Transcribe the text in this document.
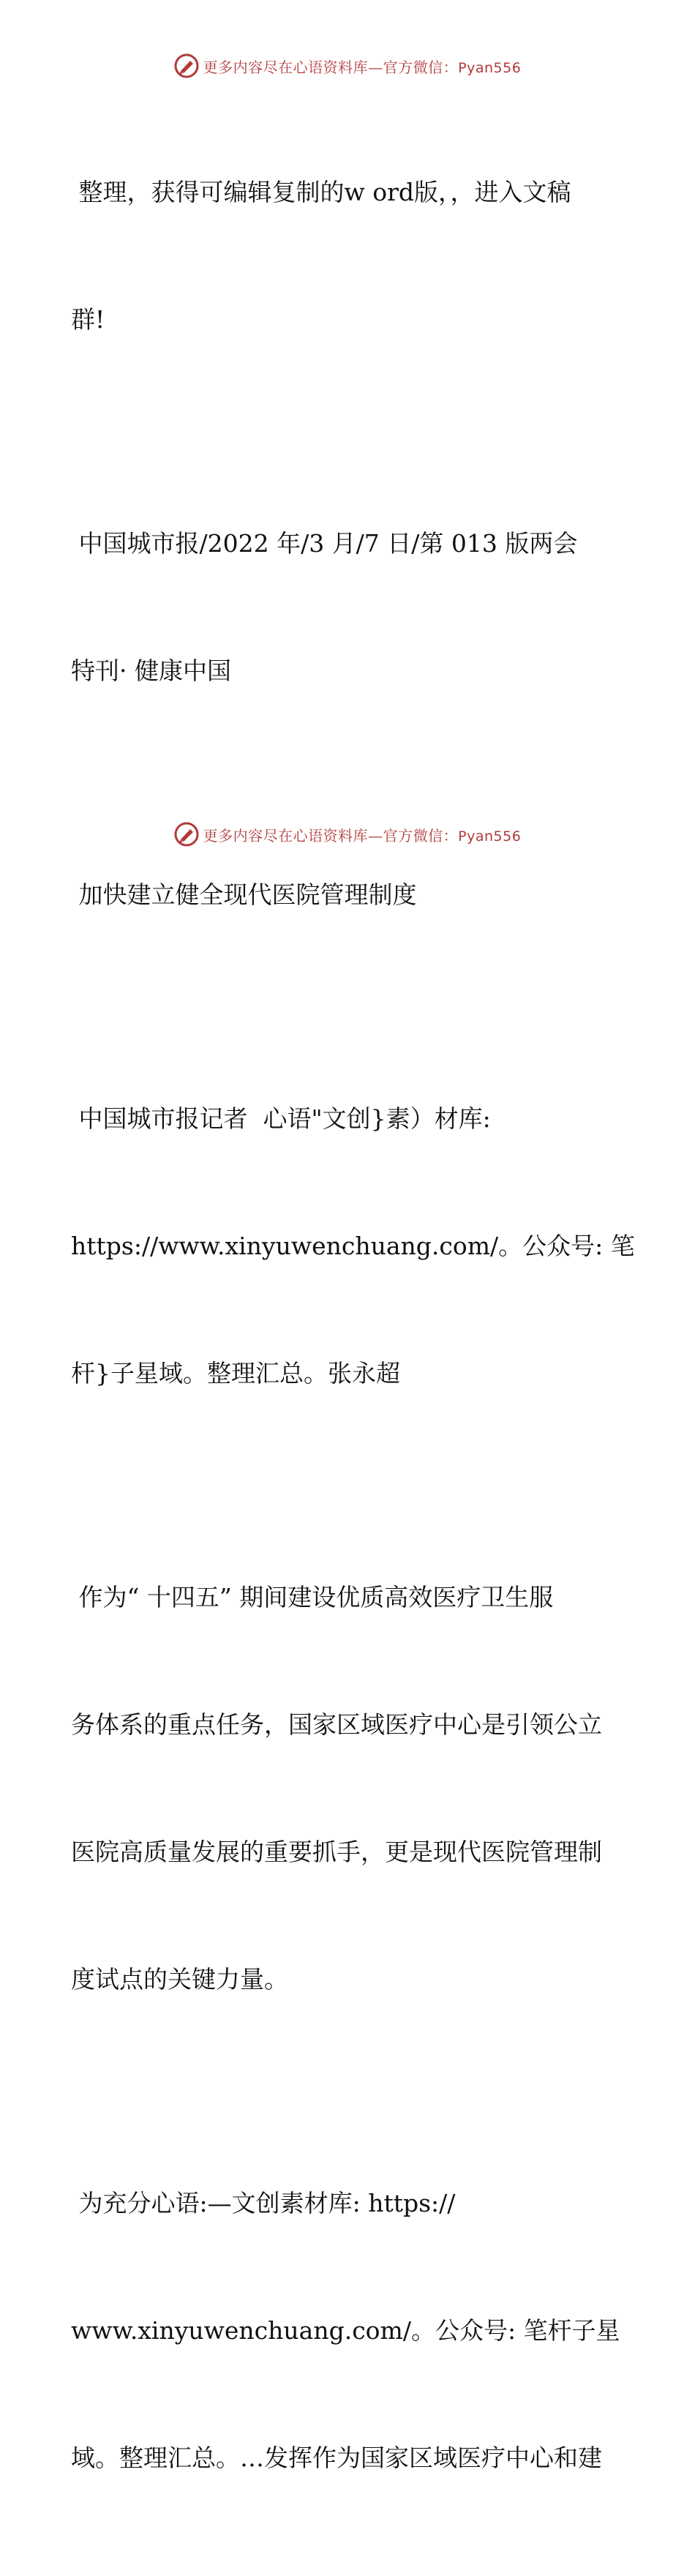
更多内容尽在心语资料库—官方微信：Pyan556

整理，获得可编辑复制的w ord版，，进入文稿

群!

中国城市报/2022 年/3 月/7 日/第 013 版两会

特刊· 健康中国

加快建立健全现代医院管理制度

中国城市报记者  心语"文创}素）材库:

https://www.xinyuwenchuang.com/。公众号: 笔

杆}子星域。整理汇总。张永超

作为“ 十四五” 期间建设优质高效医疗卫生服

务体系的重点任务，国家区域医疗中心是引领公立

医院高质量发展的重要抓手，更是现代医院管理制

度试点的关键力量。

为充分心语:—文创素材库: https://

www.xinyuwenchuang.com/。公众号: 笔杆子星

域。整理汇总。…发挥作为国家区域医疗中心和建

更多内容尽在心语资料库—官方微信：Pyan556
